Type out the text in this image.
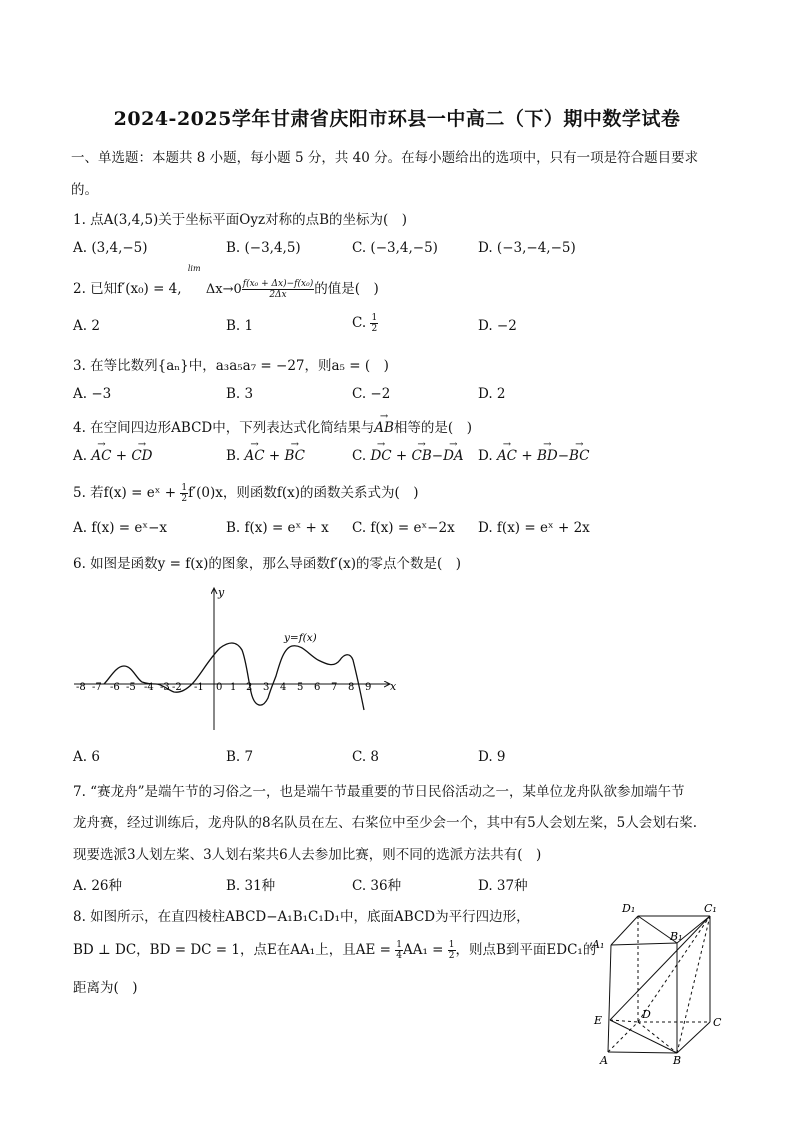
2024-2025学年甘肃省庆阳市环县一中高二（下）期中数学试卷
一、单选题：本题共 8 小题，每小题 5 分，共 40 分。在每小题给出的选项中，只有一项是符合题目要求
的。
1. 点A(3,4,5)关于坐标平面Oyz对称的点B的坐标为(　)
A. (3,4,−5)	B. (−3,4,5)	C. (−3,4,−5)	D. (−3,−4,−5)
2. 已知f′(x₀) = 4,
lim
$\Delta x\to 0 \frac{\text{f(x₀ + Δx)−f(x₀)}}{2\Delta x}$ 的值是(　)
A. 2	B. 1	C. $\frac{1}{2}$	D. −2
3. 在等比数列{aₙ}中，a₃a₅a₇ = −27，则a₅ = (　)
A. −3	B. 3	C. −2	D. 2
4. 在空间四边形ABCD中，下列表达式化简结果与→ AB相等的是(　)
A. → AC + → CD	B. → AC + → BC	C. → DC + → CB−→ DA D. → AC + → BD−→ BC
5. 若f(x) = eˣ + $\frac{1}{2} f'(0)x$，则函数f(x)的函数关系式为(　)
A. f(x) = eˣ−x	B. f(x) = eˣ + x C. f(x) = eˣ−2x D. f(x) = eˣ + 2x
6. 如图是函数y = f(x)的图象，那么导函数f′(x)的零点个数是(　)
x
y
y=f(x)
-8 -7 -6 -5 -4 -3 -2 -1 0 1 2 3 4 5 6 7 8 9
A. 6	B. 7	C. 8	D. 9
7. “赛龙舟”是端午节的习俗之一，也是端午节最重要的节日民俗活动之一，某单位龙舟队欲参加端午节
龙舟赛，经过训练后，龙舟队的8名队员在左、右桨位中至少会一个，其中有5人会划左桨，5人会划右桨.
现要选派3人划左桨、3人划右桨共6人去参加比赛，则不同的选派方法共有(　)
A. 26种	B. 31种	C. 36种	D. 37种
8. 如图所示，在直四棱柱ABCD−A₁B₁C₁D₁中，底面ABCD为平行四边形，
BD ⊥ DC，BD = DC = 1，点E在AA₁上，且AE = $\frac{1}{4} AA_1 = \frac{1}{2}$ ，则点B到平面EDC₁的
距离为(　)
D₁	C₁
A₁
B₁
E	D
C
A	B
